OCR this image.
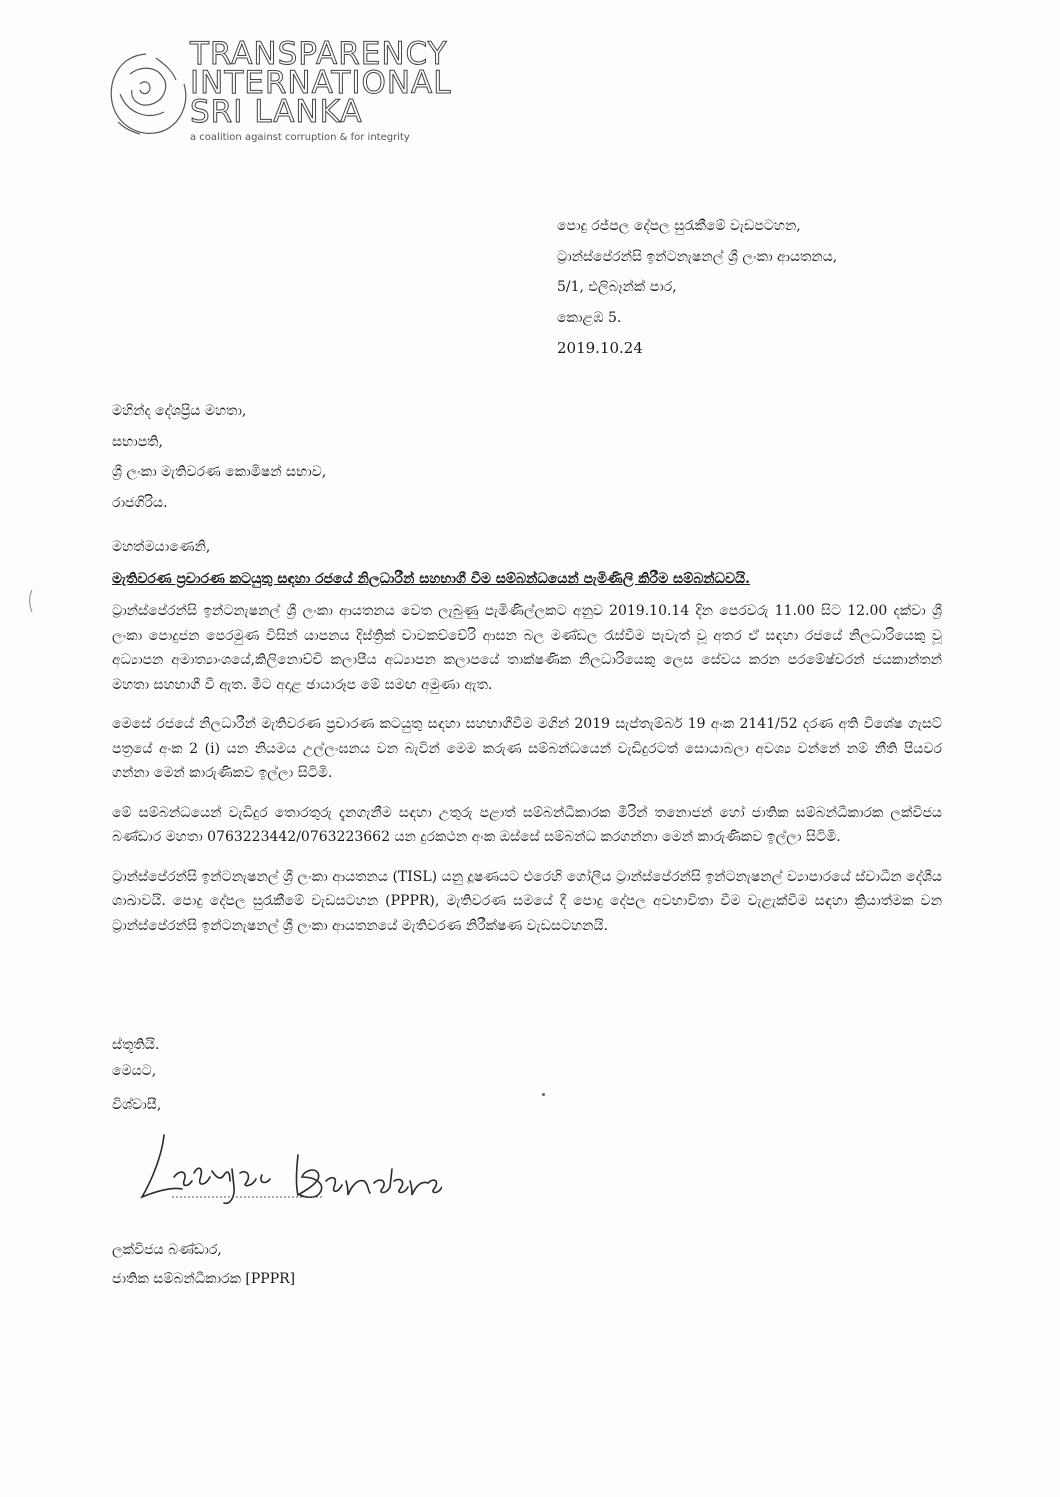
TRANSPARENCY
INTERNATIONAL
SRI LANKA
a coalition against corruption & for integrity
පොදු රජ්පල දේපල සුරැකීමේ වැඩපටහන,
ට්‍රාන්ස්පේරන්සි ඉන්ටනැෂනල් ශ්‍රී ලංකා ආයතනය,
5/1, එලිබෑන්ක් පාර,
කොළඹ 5.
2019.10.24
මහින්ද දේශප්‍රිය මහතා,
සභාපති,
ශ්‍රී ලංකා මැතිවරණ කොමිෂන් සභාව,
රාජගිරිය.
මහත්මයාණෙනි,
මැතිවරණ ප්‍රචාරණ කටයුතු සඳහා රජයේ නිලධාරීන් සහභාගී වීම සම්බන්ධයෙන් පැමිණිලි කිරීම සම්බන්ධවයි.

ට්‍රාන්ස්පේරන්සි ඉන්ටනැෂනල් ශ්‍රී ලංකා ආයතනය වෙත ලැබුණු පැමිණිල්ලකට අනුව 2019.10.14 දින පෙරවරු 11.00 සිට 12.00 දක්වා ශ්‍රී ලංකා පොදුජන පෙරමුණ විසින් යාපනය දිස්ත්‍රික් චාවකච්චේරි ආසන බල මණ්ඩල රැස්වීම පැවැත් වූ අතර ඒ සඳහා රජයේ නිලධාරියෙකු වූ අධ්‍යාපන අමාත්‍යාංශයේ,කිලිනොච්චි කලාපීය අධ්‍යාපන කලාපයේ තාක්ෂණික නිලධාරියෙකු ලෙස සේවය කරන පරමේෂ්වරන් ජයකාන්තන් මහතා සහභාගී වී ඇත. මීට අදාළ ඡායාරූප මේ සමඟ අමුණා ඇත.

මෙසේ රජයේ නිලධාරීන් මැතිවරණ ප්‍රචාරණ කටයුතු සඳහා සහභාගීවීම මගින් 2019 සැප්තැම්බර් 19 අංක 2141/52 දරණ අති විශේෂ ගැසට් පත්‍රයේ අංක 2 (i) යන නියමය උල්ලංඝනය වන බැවින් මෙම කරුණ සම්බන්ධයෙන් වැඩිදුරටත් සොයාබලා අවශ්‍ය වන්නේ නම් නීති පියවර ගන්නා මෙන් කාරුණිකව ඉල්ලා සිටිමි.

මේ සම්බන්ධයෙන් වැඩිදුර තොරතුරු දැනගැනීම සඳහා උතුරු පළාත් සම්බන්ධීකාරක මීරින් තනොජන් හෝ ජාතික සම්බන්ධීකාරක ලක්විජය බණ්ඩාර මහතා 0763223442/0763223662 යන දුරකථන අංක ඔස්සේ සම්බන්ධ කරගන්නා මෙන් කාරුණිකව ඉල්ලා සිටිමි.

ට්‍රාන්ස්පේරන්සි ඉන්ටනැෂනල් ශ්‍රී ලංකා ආයතනය (TISL) යනු දූෂණයට එරෙහි ගෝලීය ට්‍රාන්ස්පේරන්සි ඉන්ටනැෂනල් ව්‍යාපාරයේ ස්වාධීන දේශීය ශාඛාවයි. පොදු දේපල සුරැකීමේ වැඩසටහන (PPPR), මැතිවරණ සමයේ දී පොදු දේපල අවභාවිතා වීම වැළැක්වීම සඳහා ක්‍රියාත්මක වන ට්‍රාන්ස්පේරන්සි ඉන්ටනැෂනල් ශ්‍රී ලංකා ආයතනයේ මැතිවරණ නිරීක්ෂණ වැඩසටහනයි.

ස්තූතියි.
මෙයට,
විශ්වාසී,
ලක්විජය බණ්ඩාර,
ජාතික සම්බන්ධීකාරක [PPPR]
